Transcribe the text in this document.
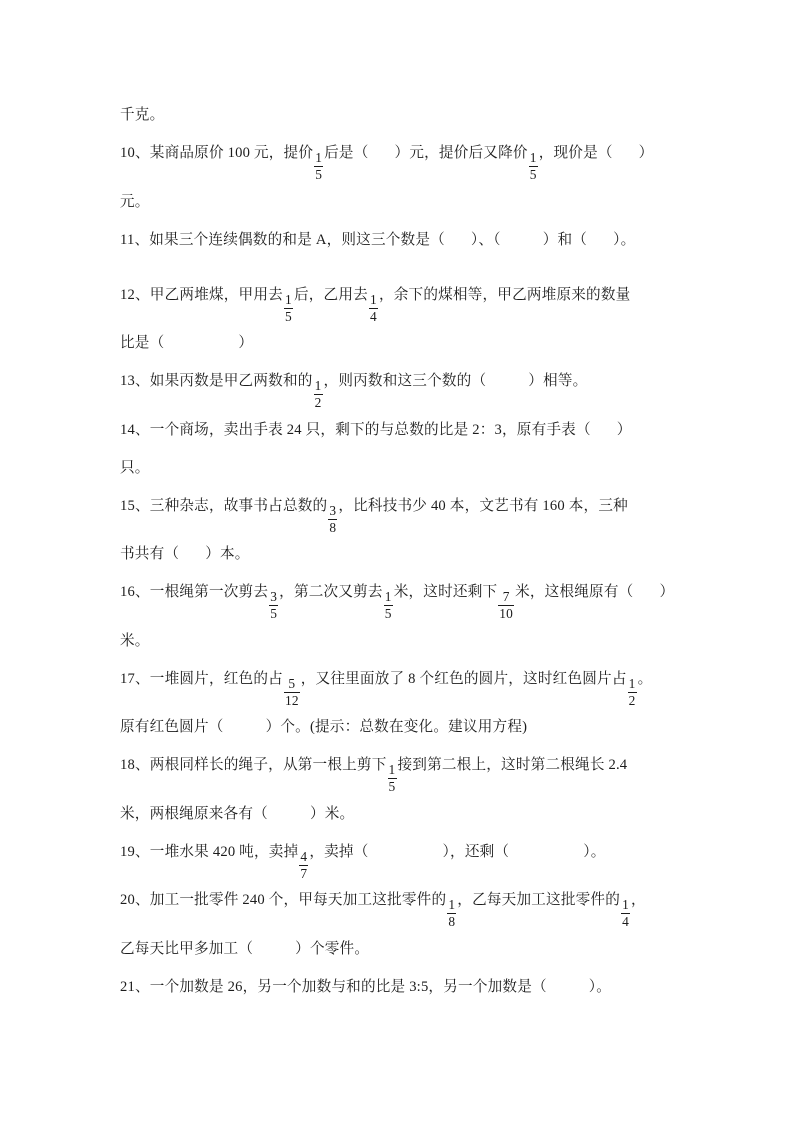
千克。

10、某商品原价 100 元，提价 $\frac{1}{5}$ 后是（ ）元，提价后又降价 $\frac{1}{5}$ ，现价是（ ）

元。

11、如果三个连续偶数的和是 A，则这三个数是（ ）、（	）和（ ）。

12、甲乙两堆煤，甲用去 $\frac{1}{5}$ 后，乙用去 $\frac{1}{4}$ ，余下的煤相等，甲乙两堆原来的数量

比是（	）

13、如果丙数是甲乙两数和的 $\frac{1}{2}$ ，则丙数和这三个数的（	）相等。

14、一个商场，卖出手表 24 只，剩下的与总数的比是 2：3，原有手表（ ）

只。

15、三种杂志，故事书占总数的 $\frac{3}{8}$ ，比科技书少 40 本，文艺书有 160 本，三种

书共有（ ）本。

16、一根绳第一次剪去 $\frac{3}{5}$ ，第二次又剪去 $\frac{1}{5}$ 米，这时还剩下 $\frac{7}{10}$ 米，这根绳原有（ ）

米。

17、一堆圆片，红色的占 $\frac{5}{12}$ ，又往里面放了 8 个红色的圆片，这时红色圆片占 $\frac{1}{2}$ 。

原有红色圆片（	）个。(提示：总数在变化。建议用方程)

18、两根同样长的绳子，从第一根上剪下 $\frac{1}{5}$ 接到第二根上，这时第二根绳长 2.4

米，两根绳原来各有（	）米。

19、一堆水果 420 吨，卖掉 $\frac{4}{7}$ ，卖掉（	），还剩（	）。

20、加工一批零件 240 个，甲每天加工这批零件的 $\frac{1}{8}$ ，乙每天加工这批零件的 $\frac{1}{4}$ ，

乙每天比甲多加工（	）个零件。

21、一个加数是 26，另一个加数与和的比是 3:5，另一个加数是（	）。
